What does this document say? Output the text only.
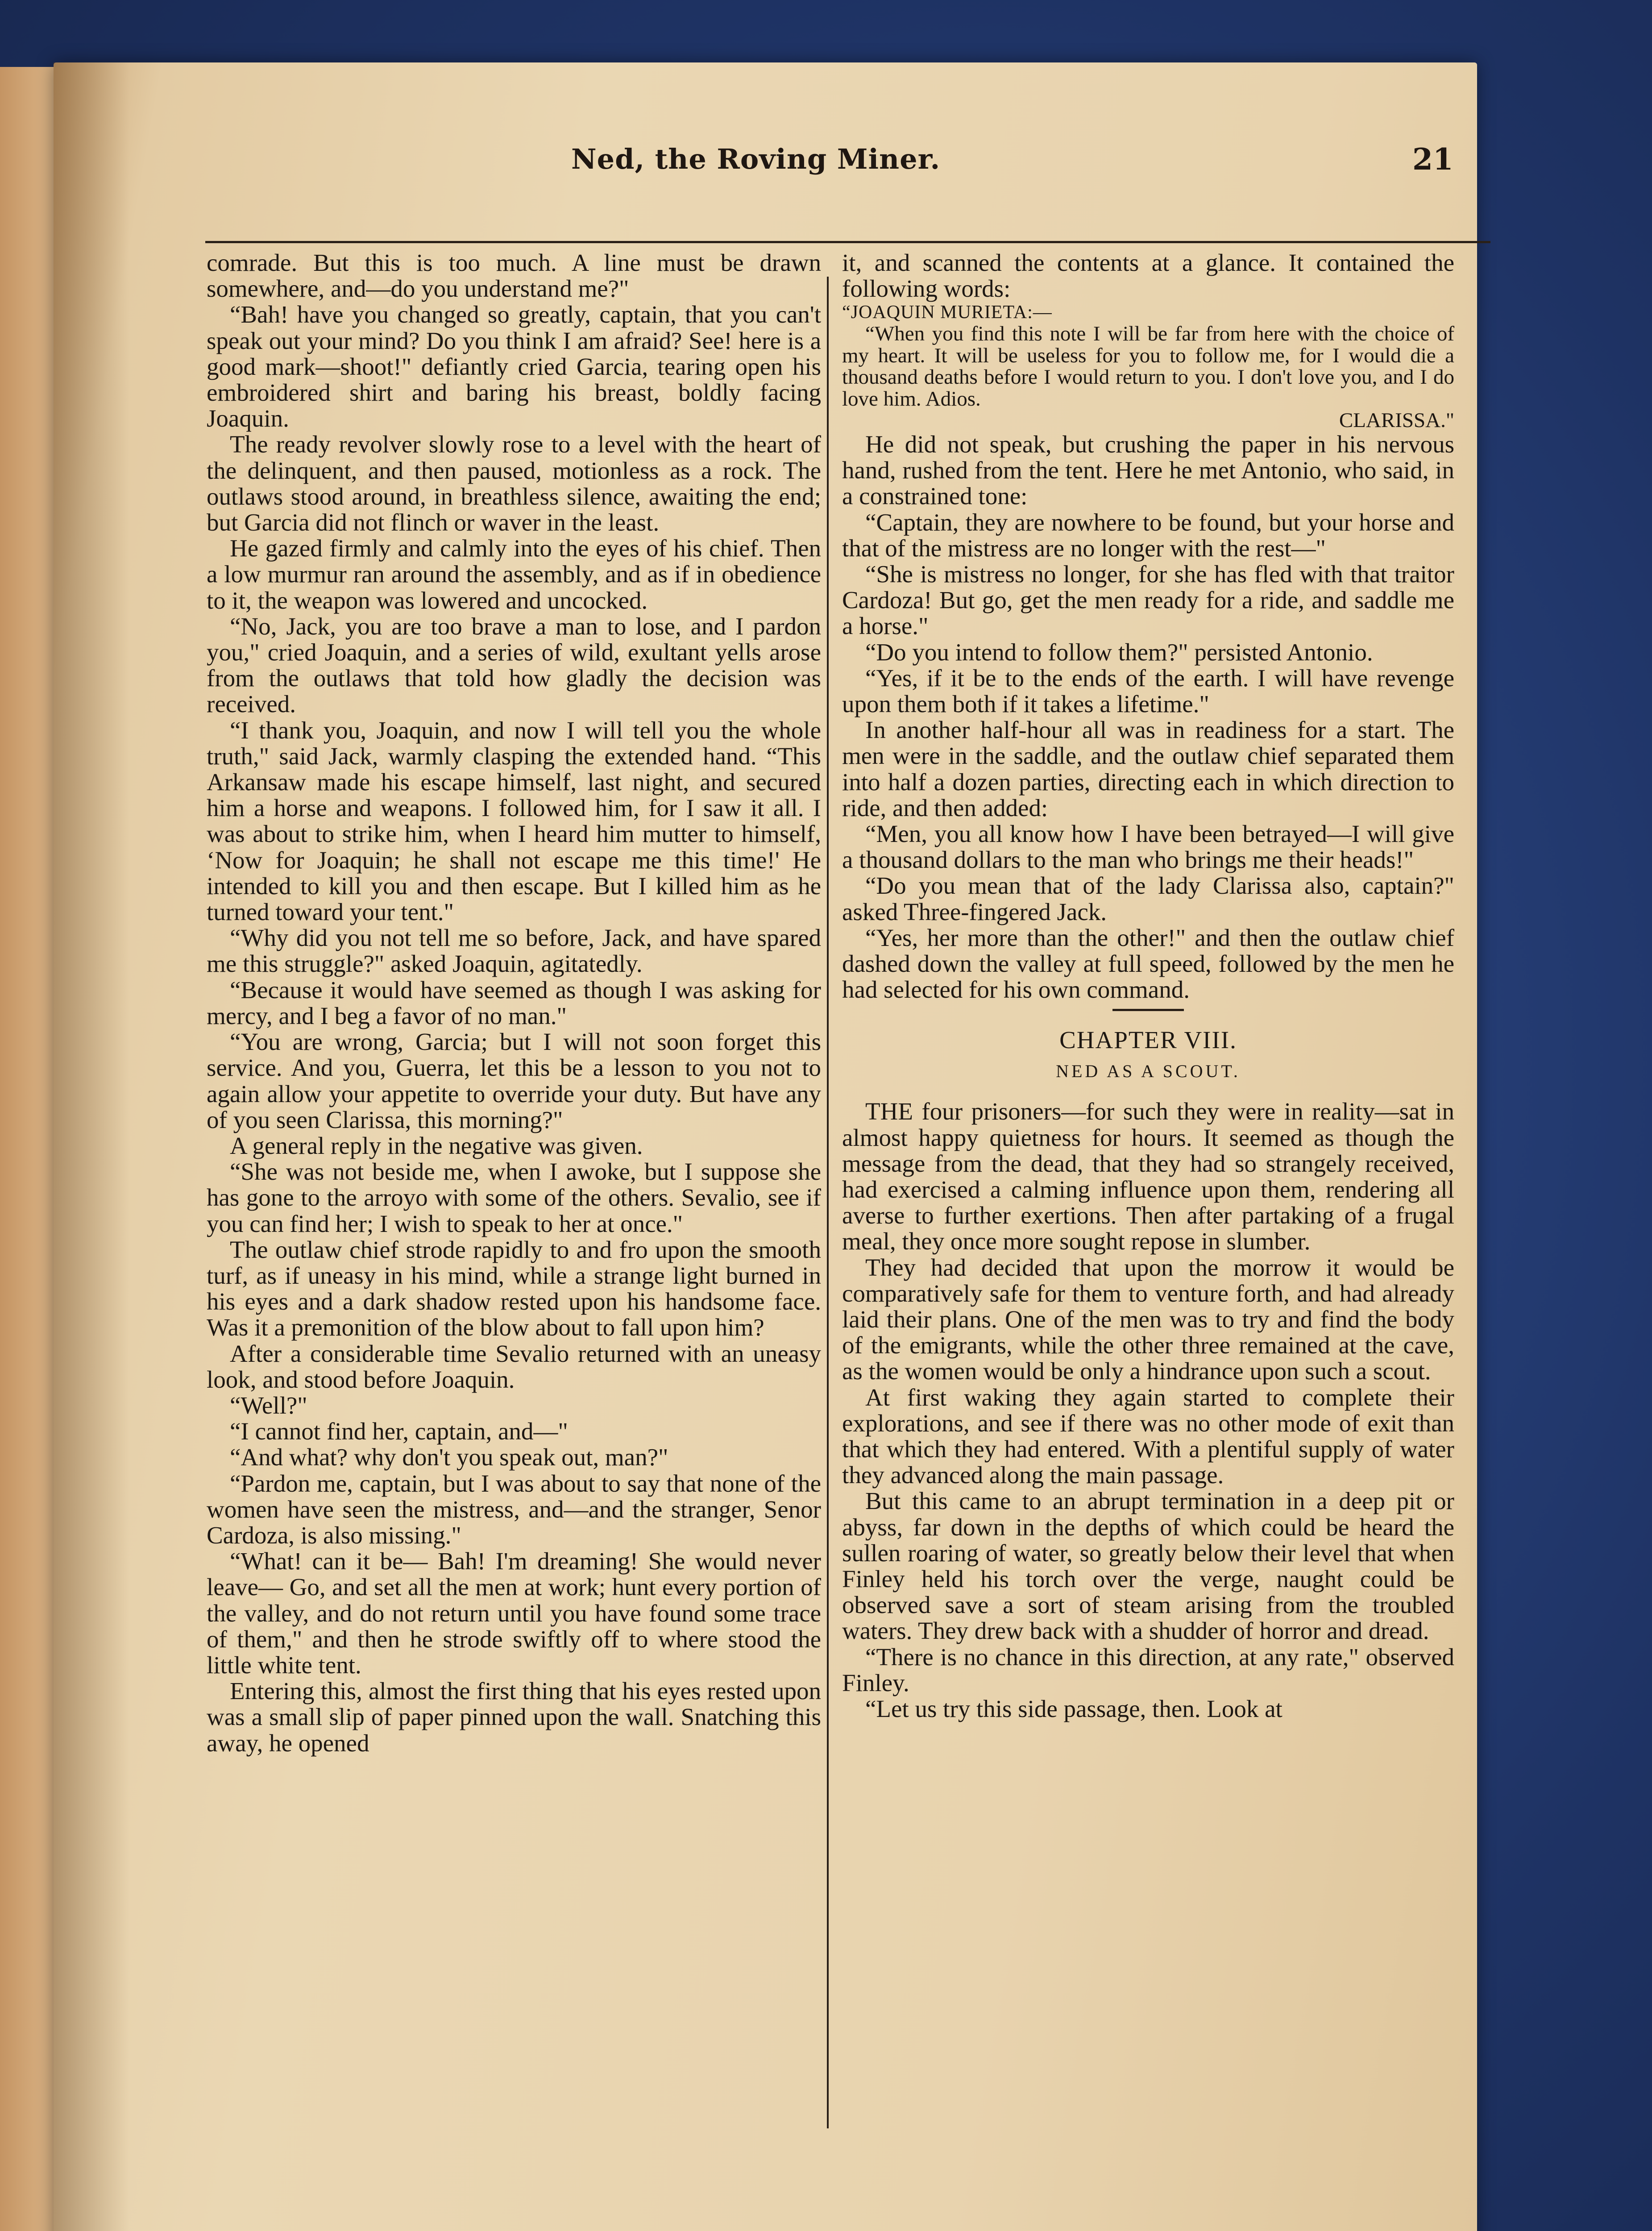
Ned, the Roving Miner.	21

comrade. But this is too much. A line must be drawn somewhere, and—do you understand me?"

“Bah! have you changed so greatly, captain, that you can't speak out your mind? Do you think I am afraid? See! here is a good mark—shoot!" defiantly cried Garcia, tearing open his embroidered shirt and baring his breast, boldly facing Joaquin.

The ready revolver slowly rose to a level with the heart of the delinquent, and then paused, motionless as a rock. The outlaws stood around, in breathless silence, awaiting the end; but Garcia did not flinch or waver in the least.

He gazed firmly and calmly into the eyes of his chief. Then a low murmur ran around the assembly, and as if in obedience to it, the weapon was lowered and uncocked.

“No, Jack, you are too brave a man to lose, and I pardon you," cried Joaquin, and a series of wild, exultant yells arose from the outlaws that told how gladly the decision was received.

“I thank you, Joaquin, and now I will tell you the whole truth," said Jack, warmly clasping the extended hand. “This Arkansaw made his escape himself, last night, and secured him a horse and weapons. I followed him, for I saw it all. I was about to strike him, when I heard him mutter to himself, ‘Now for Joaquin; he shall not escape me this time!' He intended to kill you and then escape. But I killed him as he turned toward your tent."

“Why did you not tell me so before, Jack, and have spared me this struggle?" asked Joaquin, agitatedly.

“Because it would have seemed as though I was asking for mercy, and I beg a favor of no man."

“You are wrong, Garcia; but I will not soon forget this service. And you, Guerra, let this be a lesson to you not to again allow your appetite to override your duty. But have any of you seen Clarissa, this morning?"

A general reply in the negative was given.

“She was not beside me, when I awoke, but I suppose she has gone to the arroyo with some of the others. Sevalio, see if you can find her; I wish to speak to her at once."

The outlaw chief strode rapidly to and fro upon the smooth turf, as if uneasy in his mind, while a strange light burned in his eyes and a dark shadow rested upon his handsome face. Was it a premonition of the blow about to fall upon him?

After a considerable time Sevalio returned with an uneasy look, and stood before Joaquin.

“Well?"

“I cannot find her, captain, and—"

“And what? why don't you speak out, man?"

“Pardon me, captain, but I was about to say that none of the women have seen the mistress, and—and the stranger, Senor Cardoza, is also missing."

“What! can it be— Bah! I'm dreaming! She would never leave— Go, and set all the men at work; hunt every portion of the valley, and do not return until you have found some trace of them," and then he strode swiftly off to where stood the little white tent.

Entering this, almost the first thing that his eyes rested upon was a small slip of paper pinned upon the wall. Snatching this away, he opened

it, and scanned the contents at a glance. It contained the following words:

“JOAQUIN MURIETA:—

“When you find this note I will be far from here with the choice of my heart. It will be useless for you to follow me, for I would die a thousand deaths before I would return to you. I don't love you, and I do love him. Adios.

CLARISSA."

He did not speak, but crushing the paper in his nervous hand, rushed from the tent. Here he met Antonio, who said, in a constrained tone:

“Captain, they are nowhere to be found, but your horse and that of the mistress are no longer with the rest—"

“She is mistress no longer, for she has fled with that traitor Cardoza! But go, get the men ready for a ride, and saddle me a horse."

“Do you intend to follow them?" persisted Antonio.

“Yes, if it be to the ends of the earth. I will have revenge upon them both if it takes a lifetime."

In another half-hour all was in readiness for a start. The men were in the saddle, and the outlaw chief separated them into half a dozen parties, directing each in which direction to ride, and then added:

“Men, you all know how I have been betrayed—I will give a thousand dollars to the man who brings me their heads!"

“Do you mean that of the lady Clarissa also, captain?" asked Three-fingered Jack.

“Yes, her more than the other!" and then the outlaw chief dashed down the valley at full speed, followed by the men he had selected for his own command.

CHAPTER VIII.
NED AS A SCOUT.

THE four prisoners—for such they were in reality—sat in almost happy quietness for hours. It seemed as though the message from the dead, that they had so strangely received, had exercised a calming influence upon them, rendering all averse to further exertions. Then after partaking of a frugal meal, they once more sought repose in slumber.

They had decided that upon the morrow it would be comparatively safe for them to venture forth, and had already laid their plans. One of the men was to try and find the body of the emigrants, while the other three remained at the cave, as the women would be only a hindrance upon such a scout.

At first waking they again started to complete their explorations, and see if there was no other mode of exit than that which they had entered. With a plentiful supply of water they advanced along the main passage.

But this came to an abrupt termination in a deep pit or abyss, far down in the depths of which could be heard the sullen roaring of water, so greatly below their level that when Finley held his torch over the verge, naught could be observed save a sort of steam arising from the troubled waters. They drew back with a shudder of horror and dread.

“There is no chance in this direction, at any rate," observed Finley.

“Let us try this side passage, then. Look at
